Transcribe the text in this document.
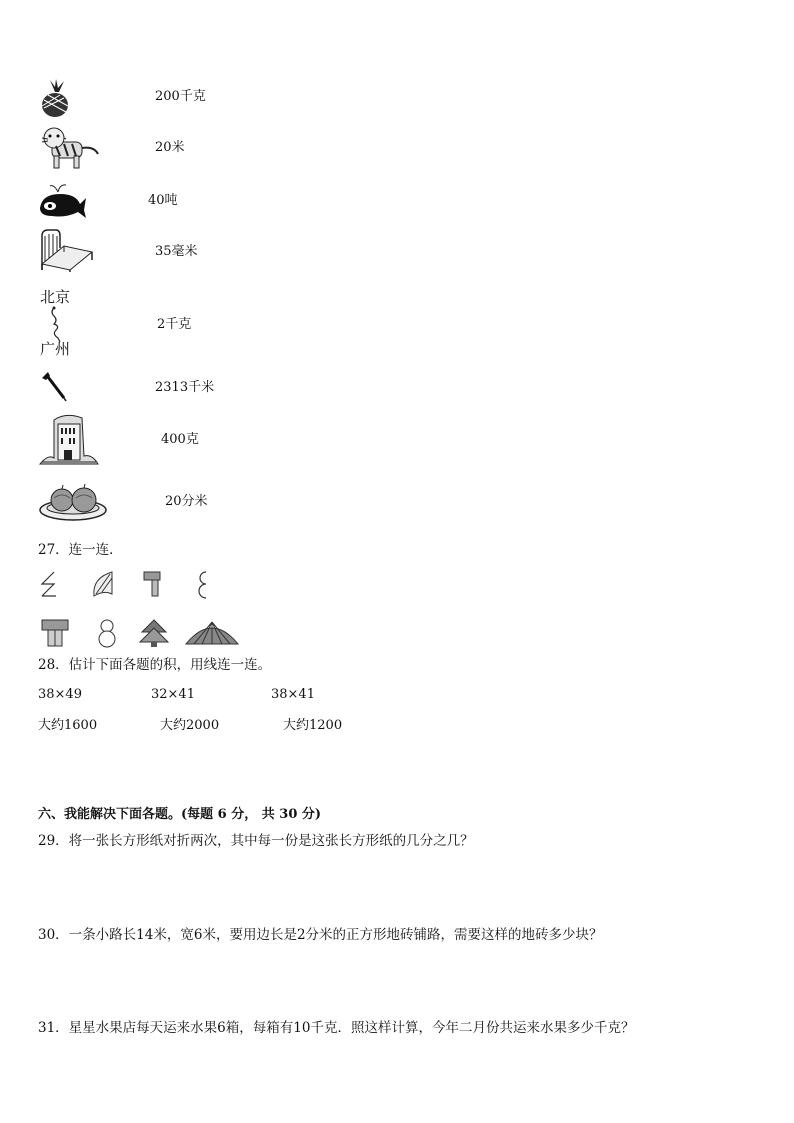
北京
广州
200千克
20米
40吨
35毫米
2千克
2313千米
400克
20分米
27．连一连．
28．估计下面各题的积，用线连一连。
38×49	32×41	38×41
大约1600	大约2000	大约1200
六、我能解决下面各题。(每题 6 分， 共 30 分)
29．将一张长方形纸对折两次，其中每一份是这张长方形纸的几分之几？
30．一条小路长14米，宽6米，要用边长是2分米的正方形地砖铺路，需要这样的地砖多少块？
31．星星水果店每天运来水果6箱，每箱有10千克．照这样计算，今年二月份共运来水果多少千克？
